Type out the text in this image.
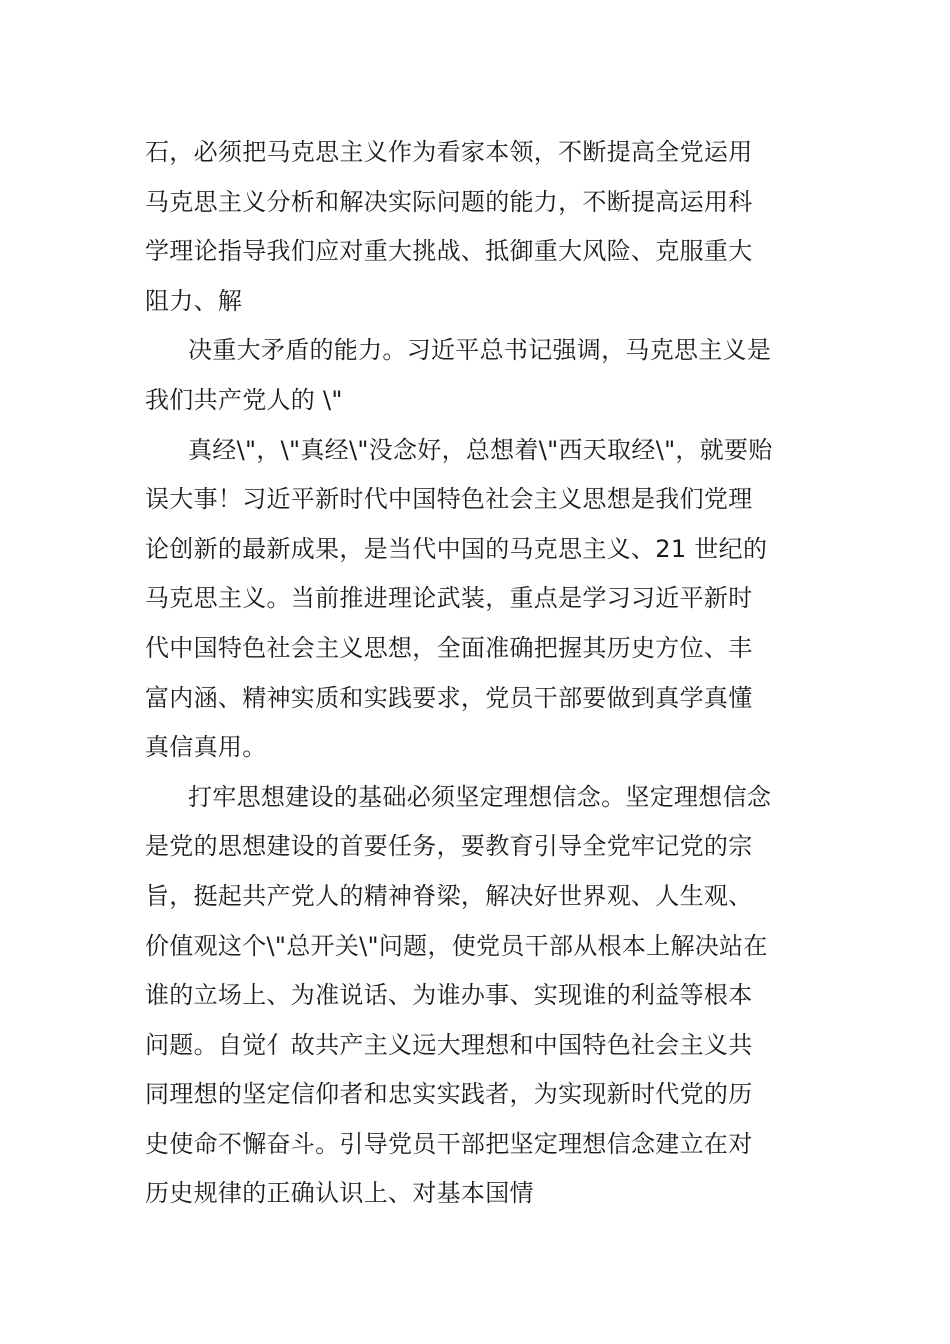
石，必须把马克思主义作为看家本领，不断提高全党运用
马克思主义分析和解决实际问题的能力，不断提高运用科
学理论指导我们应对重大挑战、抵御重大风险、克服重大
阻力、解
决重大矛盾的能力。习近平总书记强调，马克思主义是
我们共产党人的 \"
真经\"，\"真经\"没念好，总想着\"西天取经\"，就要贻
误大事！习近平新时代中国特色社会主义思想是我们党理
论创新的最新成果，是当代中国的马克思主义、21 世纪的
马克思主义。当前推进理论武装，重点是学习习近平新时
代中国特色社会主义思想，全面准确把握其历史方位、丰
富内涵、精神实质和实践要求，党员干部要做到真学真懂
真信真用。
打牢思想建设的基础必须坚定理想信念。坚定理想信念
是党的思想建设的首要任务，要教育引导全党牢记党的宗
旨，挺起共产党人的精神脊梁，解决好世界观、人生观、
价值观这个\"总开关\"问题，使党员干部从根本上解决站在
谁的立场上、为准说话、为谁办事、实现谁的利益等根本
问题。自觉亻故共产主义远大理想和中国特色社会主义共
同理想的坚定信仰者和忠实实践者，为实现新时代党的历
史使命不懈奋斗。引导党员干部把坚定理想信念建立在对
历史规律的正确认识上、对基本国情
